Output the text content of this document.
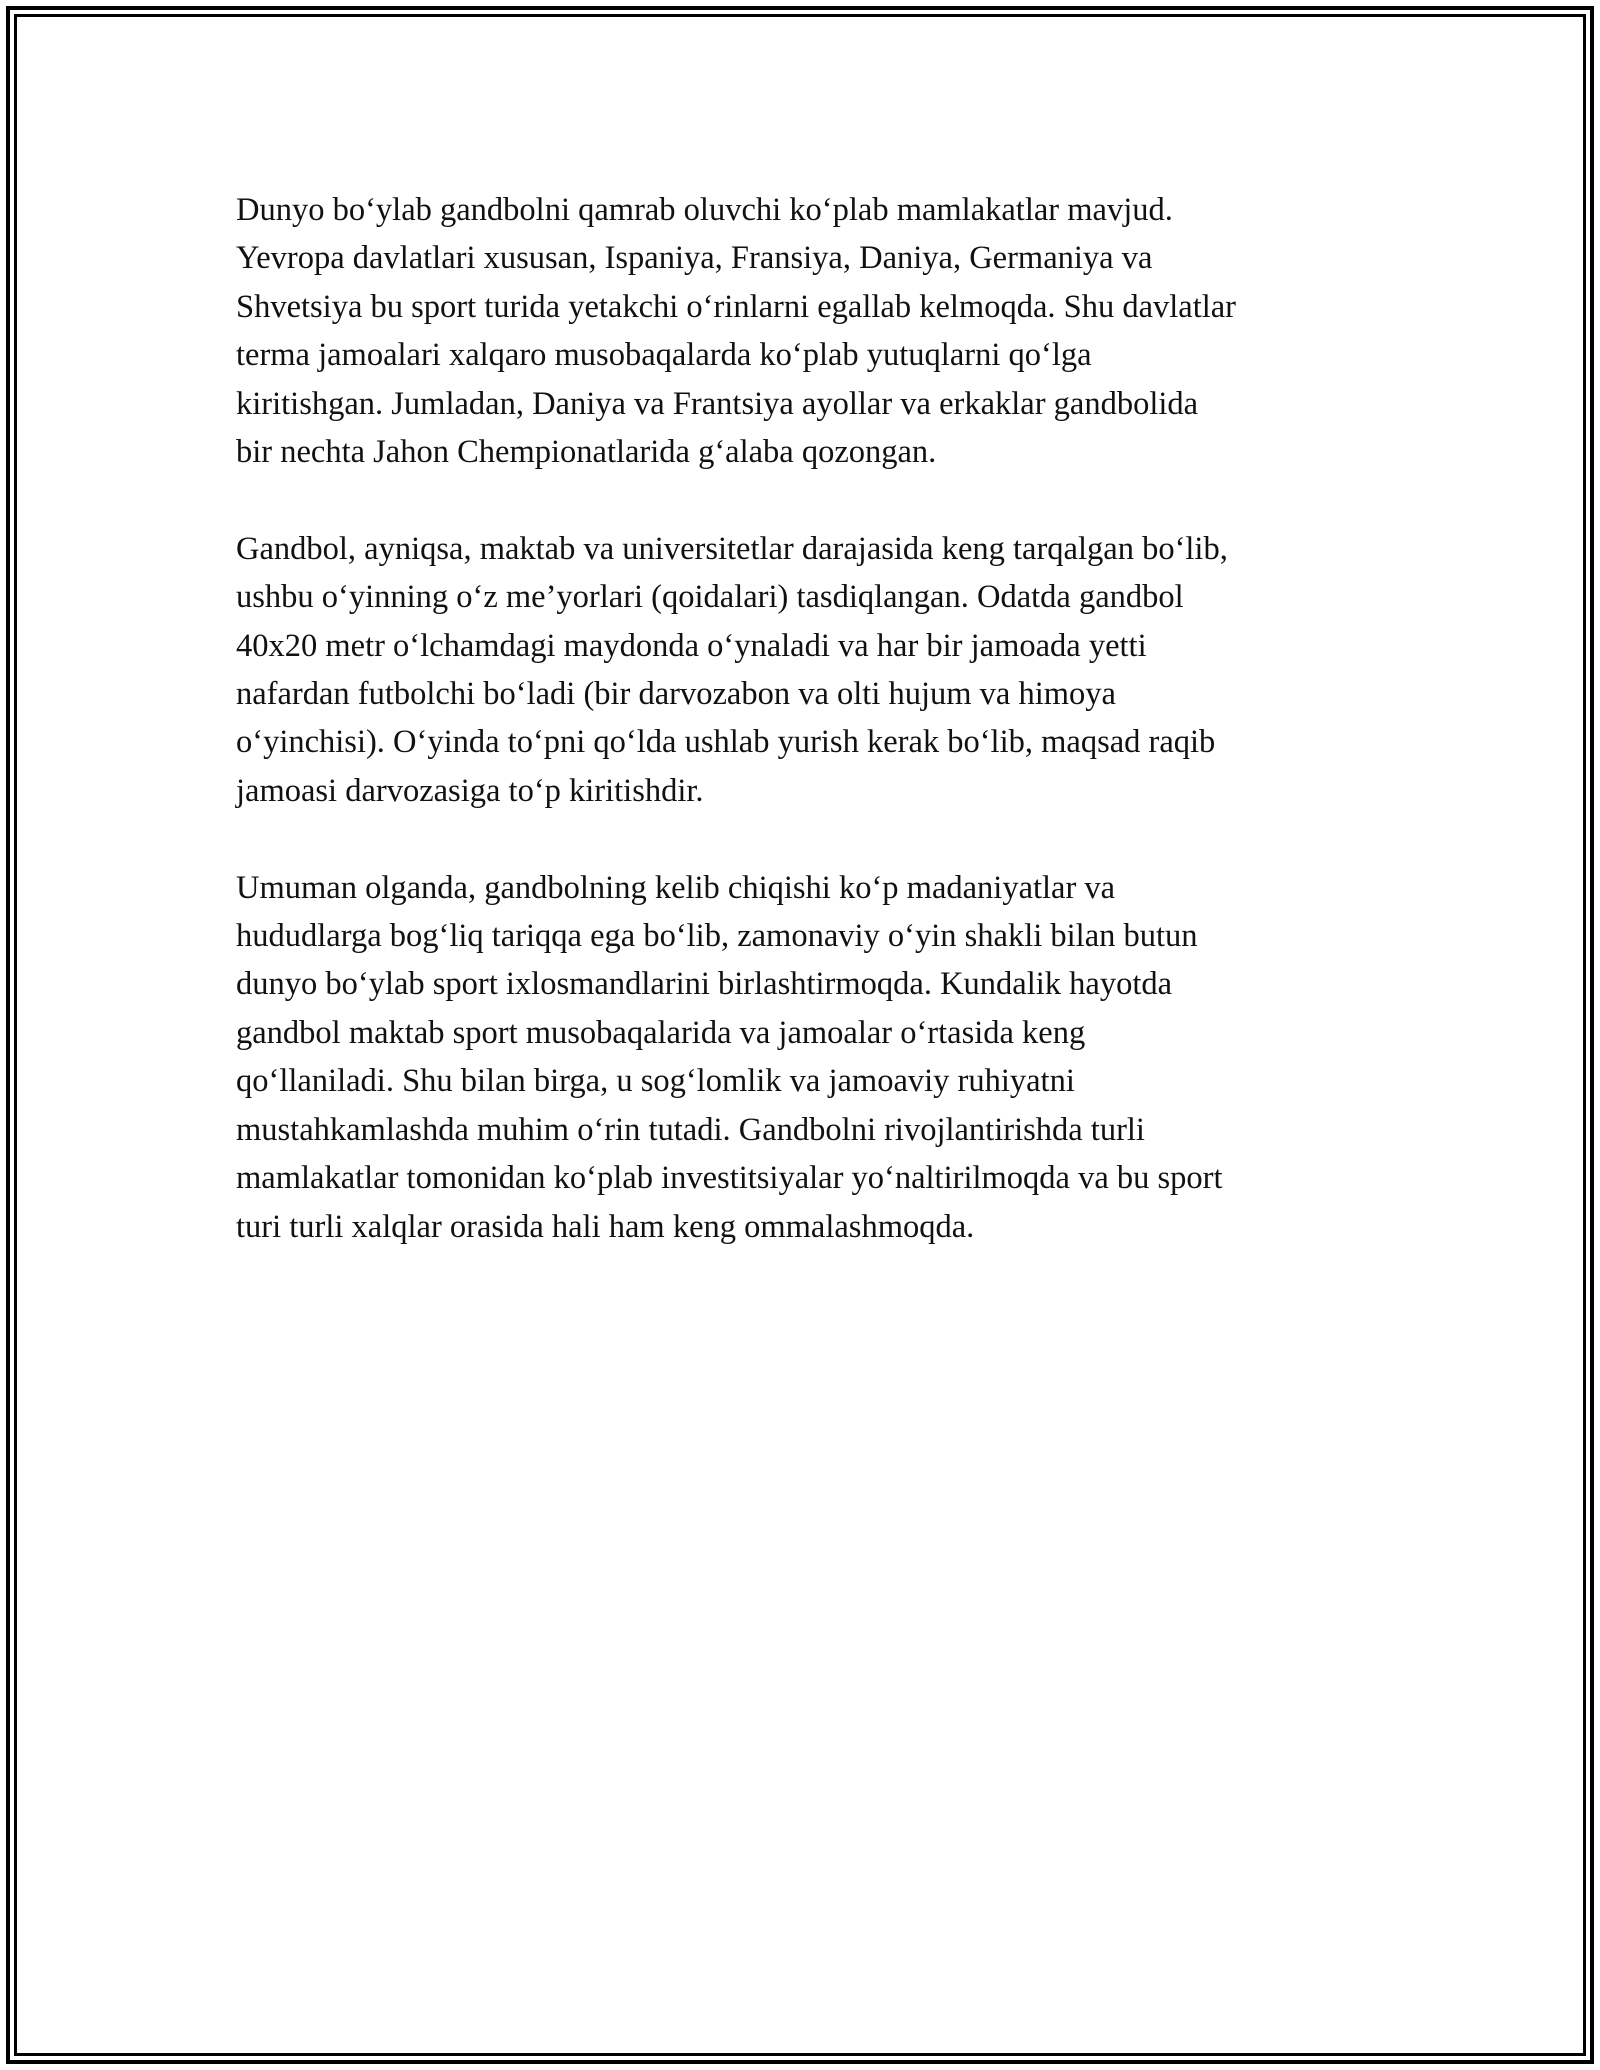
Dunyo bo‘ylab gandbolni qamrab oluvchi ko‘plab mamlakatlar mavjud.
Yevropa davlatlari xususan, Ispaniya, Fransiya, Daniya, Germaniya va
Shvetsiya bu sport turida yetakchi o‘rinlarni egallab kelmoqda. Shu davlatlar
terma jamoalari xalqaro musobaqalarda ko‘plab yutuqlarni qo‘lga
kiritishgan. Jumladan, Daniya va Frantsiya ayollar va erkaklar gandbolida
bir nechta Jahon Chempionatlarida g‘alaba qozongan.

Gandbol, ayniqsa, maktab va universitetlar darajasida keng tarqalgan bo‘lib,
ushbu o‘yinning o‘z me’yorlari (qoidalari) tasdiqlangan. Odatda gandbol
40x20 metr o‘lchamdagi maydonda o‘ynaladi va har bir jamoada yetti
nafardan futbolchi bo‘ladi (bir darvozabon va olti hujum va himoya
o‘yinchisi). O‘yinda to‘pni qo‘lda ushlab yurish kerak bo‘lib, maqsad raqib
jamoasi darvozasiga to‘p kiritishdir.

Umuman olganda, gandbolning kelib chiqishi ko‘p madaniyatlar va
hududlarga bog‘liq tariqqa ega bo‘lib, zamonaviy o‘yin shakli bilan butun
dunyo bo‘ylab sport ixlosmandlarini birlashtirmoqda. Kundalik hayotda
gandbol maktab sport musobaqalarida va jamoalar o‘rtasida keng
qo‘llaniladi. Shu bilan birga, u sog‘lomlik va jamoaviy ruhiyatni
mustahkamlashda muhim o‘rin tutadi. Gandbolni rivojlantirishda turli
mamlakatlar tomonidan ko‘plab investitsiyalar yo‘naltirilmoqda va bu sport
turi turli xalqlar orasida hali ham keng ommalashmoqda.
